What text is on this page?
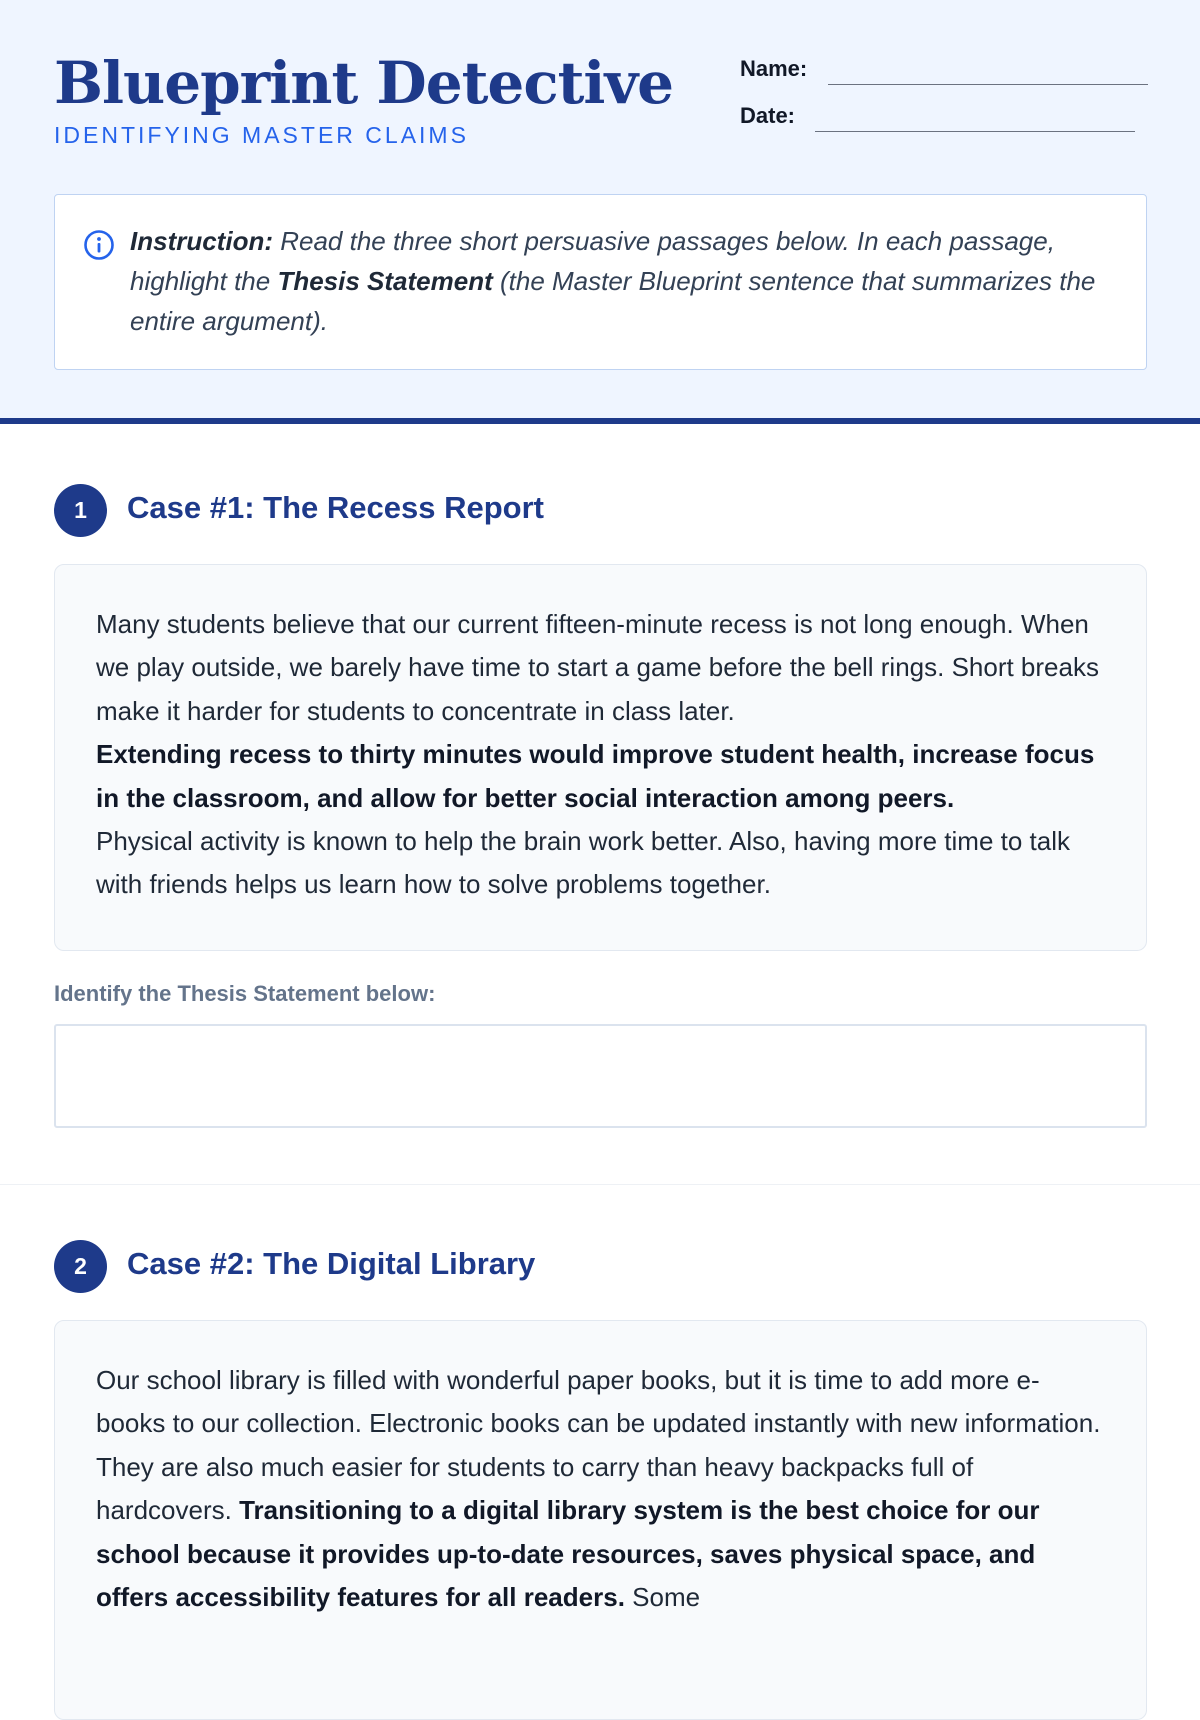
Blueprint Detective
IDENTIFYING MASTER CLAIMS
Name:
Date:
Instruction: Read the three short persuasive passages below. In each passage, highlight the Thesis Statement (the Master Blueprint sentence that summarizes the entire argument).
1	Case #1: The Recess Report
Many students believe that our current fifteen-minute recess is not long enough. When we play outside, we barely have time to start a game before the bell rings. Short breaks make it harder for students to concentrate in class later.
Extending recess to thirty minutes would improve student health, increase focus in the classroom, and allow for better social interaction among peers.
Physical activity is known to help the brain work better. Also, having more time to talk with friends helps us learn how to solve problems together.
Identify the Thesis Statement below:
2	Case #2: The Digital Library
Our school library is filled with wonderful paper books, but it is time to add more e-books to our collection. Electronic books can be updated instantly with new information. They are also much easier for students to carry than heavy backpacks full of hardcovers. Transitioning to a digital library system is the best choice for our school because it provides up-to-date resources, saves physical space, and offers accessibility features for all readers. Some
